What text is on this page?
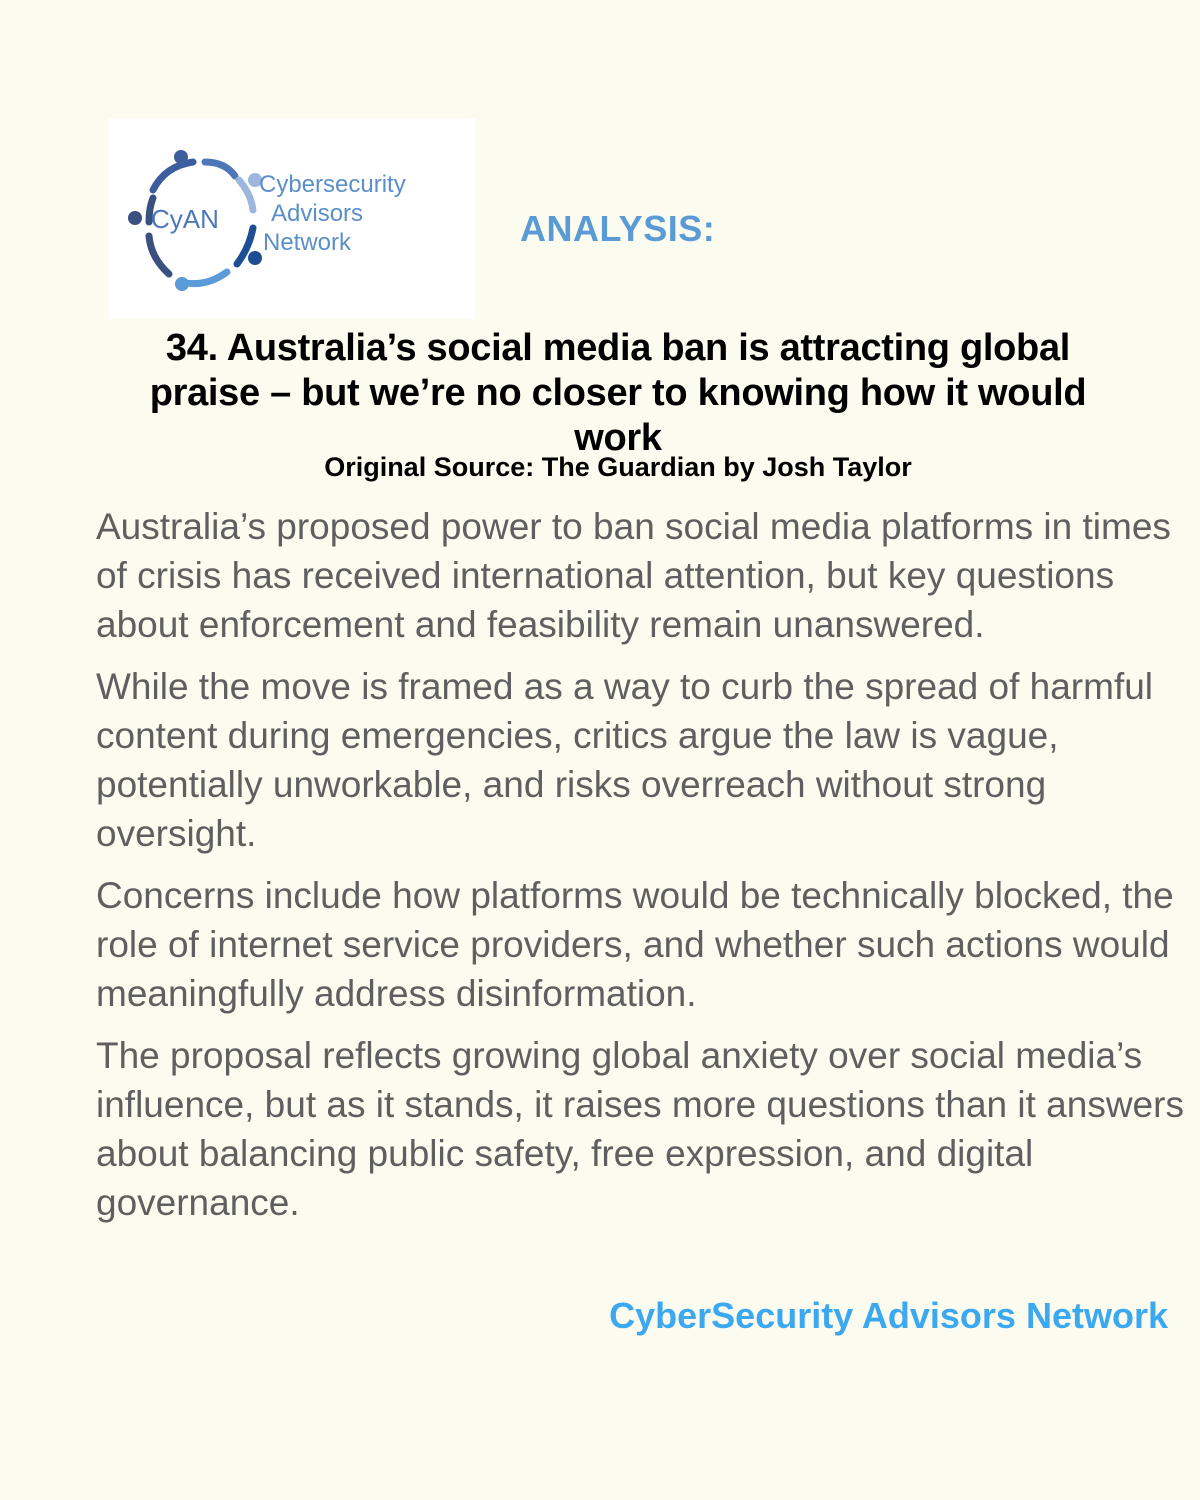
CyAN
Cybersecurity
Advisors
Network	ANALYSIS:
34. Australia’s social media ban is attracting global praise – but we’re no closer to knowing how it would work
Original Source: The Guardian by Josh Taylor

Australia’s proposed power to ban social media platforms in times of crisis has received international attention, but key questions about enforcement and feasibility remain unanswered.

While the move is framed as a way to curb the spread of harmful content during emergencies, critics argue the law is vague, potentially unworkable, and risks overreach without strong oversight.

Concerns include how platforms would be technically blocked, the role of internet service providers, and whether such actions would meaningfully address disinformation.

The proposal reflects growing global anxiety over social media’s influence, but as it stands, it raises more questions than it answers about balancing public safety, free expression, and digital governance.

CyberSecurity Advisors Network
